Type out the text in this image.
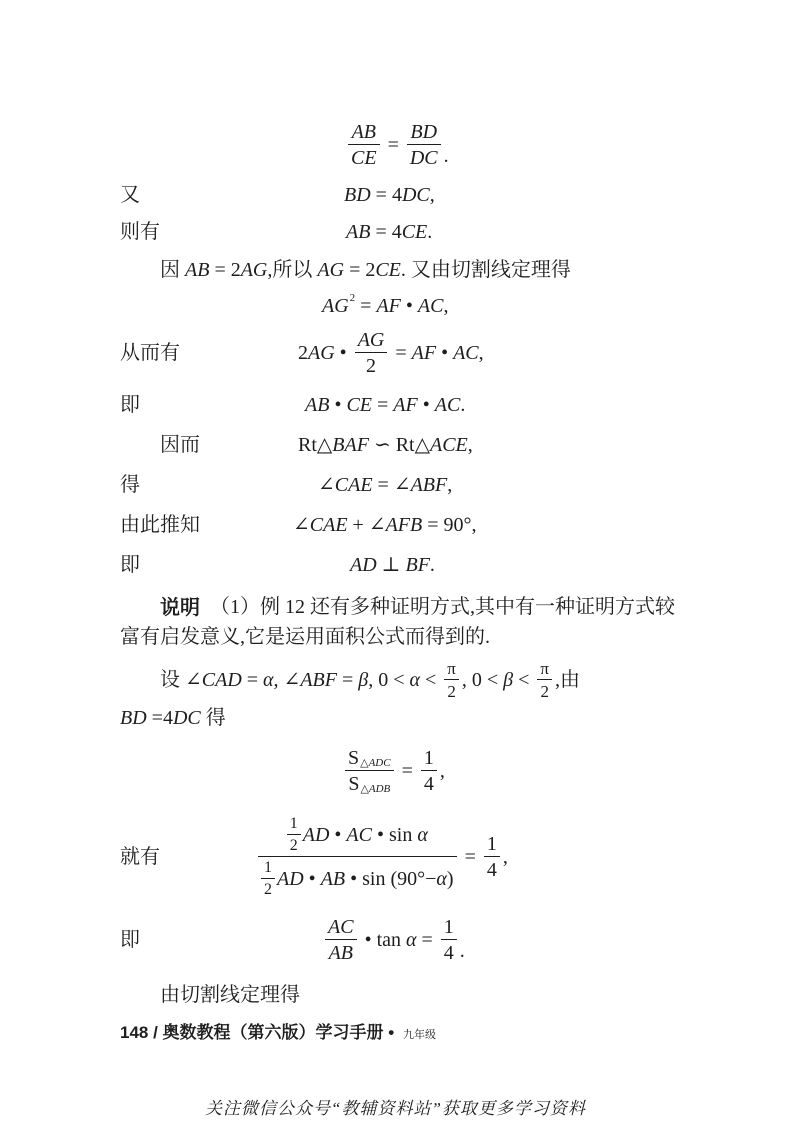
$\frac{AB}{CE} = \frac{BD}{DC}$ .
又	BD = 4 DC ,
则有	AB = 4 CE .
因 AB = 2 AG ,所以 AG = 2 CE . 又由切割线定理得
AG 2 = AF • AC ,
从而有	2 AG • $\frac{AG}{2}$ = AF • AC ,
即	AB • CE = AF • AC .
因而	Rt△ BAF ∽ Rt△ ACE ,
得	∠ CAE = ∠ ABF ,
由此推知	∠ CAE + ∠ AFB = 90°,
即	AD ⊥ BF .
说明 （1）例 12 还有多种证明方式,其中有一种证明方式较
富有启发意义,它是运用面积公式而得到的.
设 ∠ CAD = α , ∠ ABF = β , $0 < \alpha < \frac{\pi}{2}$ , $0 < \beta < \frac{\pi}{2}$ ,由
BD =4 DC 得
$\frac{\text{S △ADC}}{\text{S △ADB}} = \frac{1}{4}$ ,
就有
$\frac{1}{2}$ AD • AC • sin α
$\frac{1}{2}$ AD • AB • sin (90°− α )
= $\frac{1}{4}$ ,
即	$\frac{AC}{AB}$ • $\tan \alpha = \frac{1}{4}$ .
由切割线定理得
148 / 奥数教程（第六版）学习手册 • 九年级
关注微信公众号“教辅资料站”获取更多学习资料
